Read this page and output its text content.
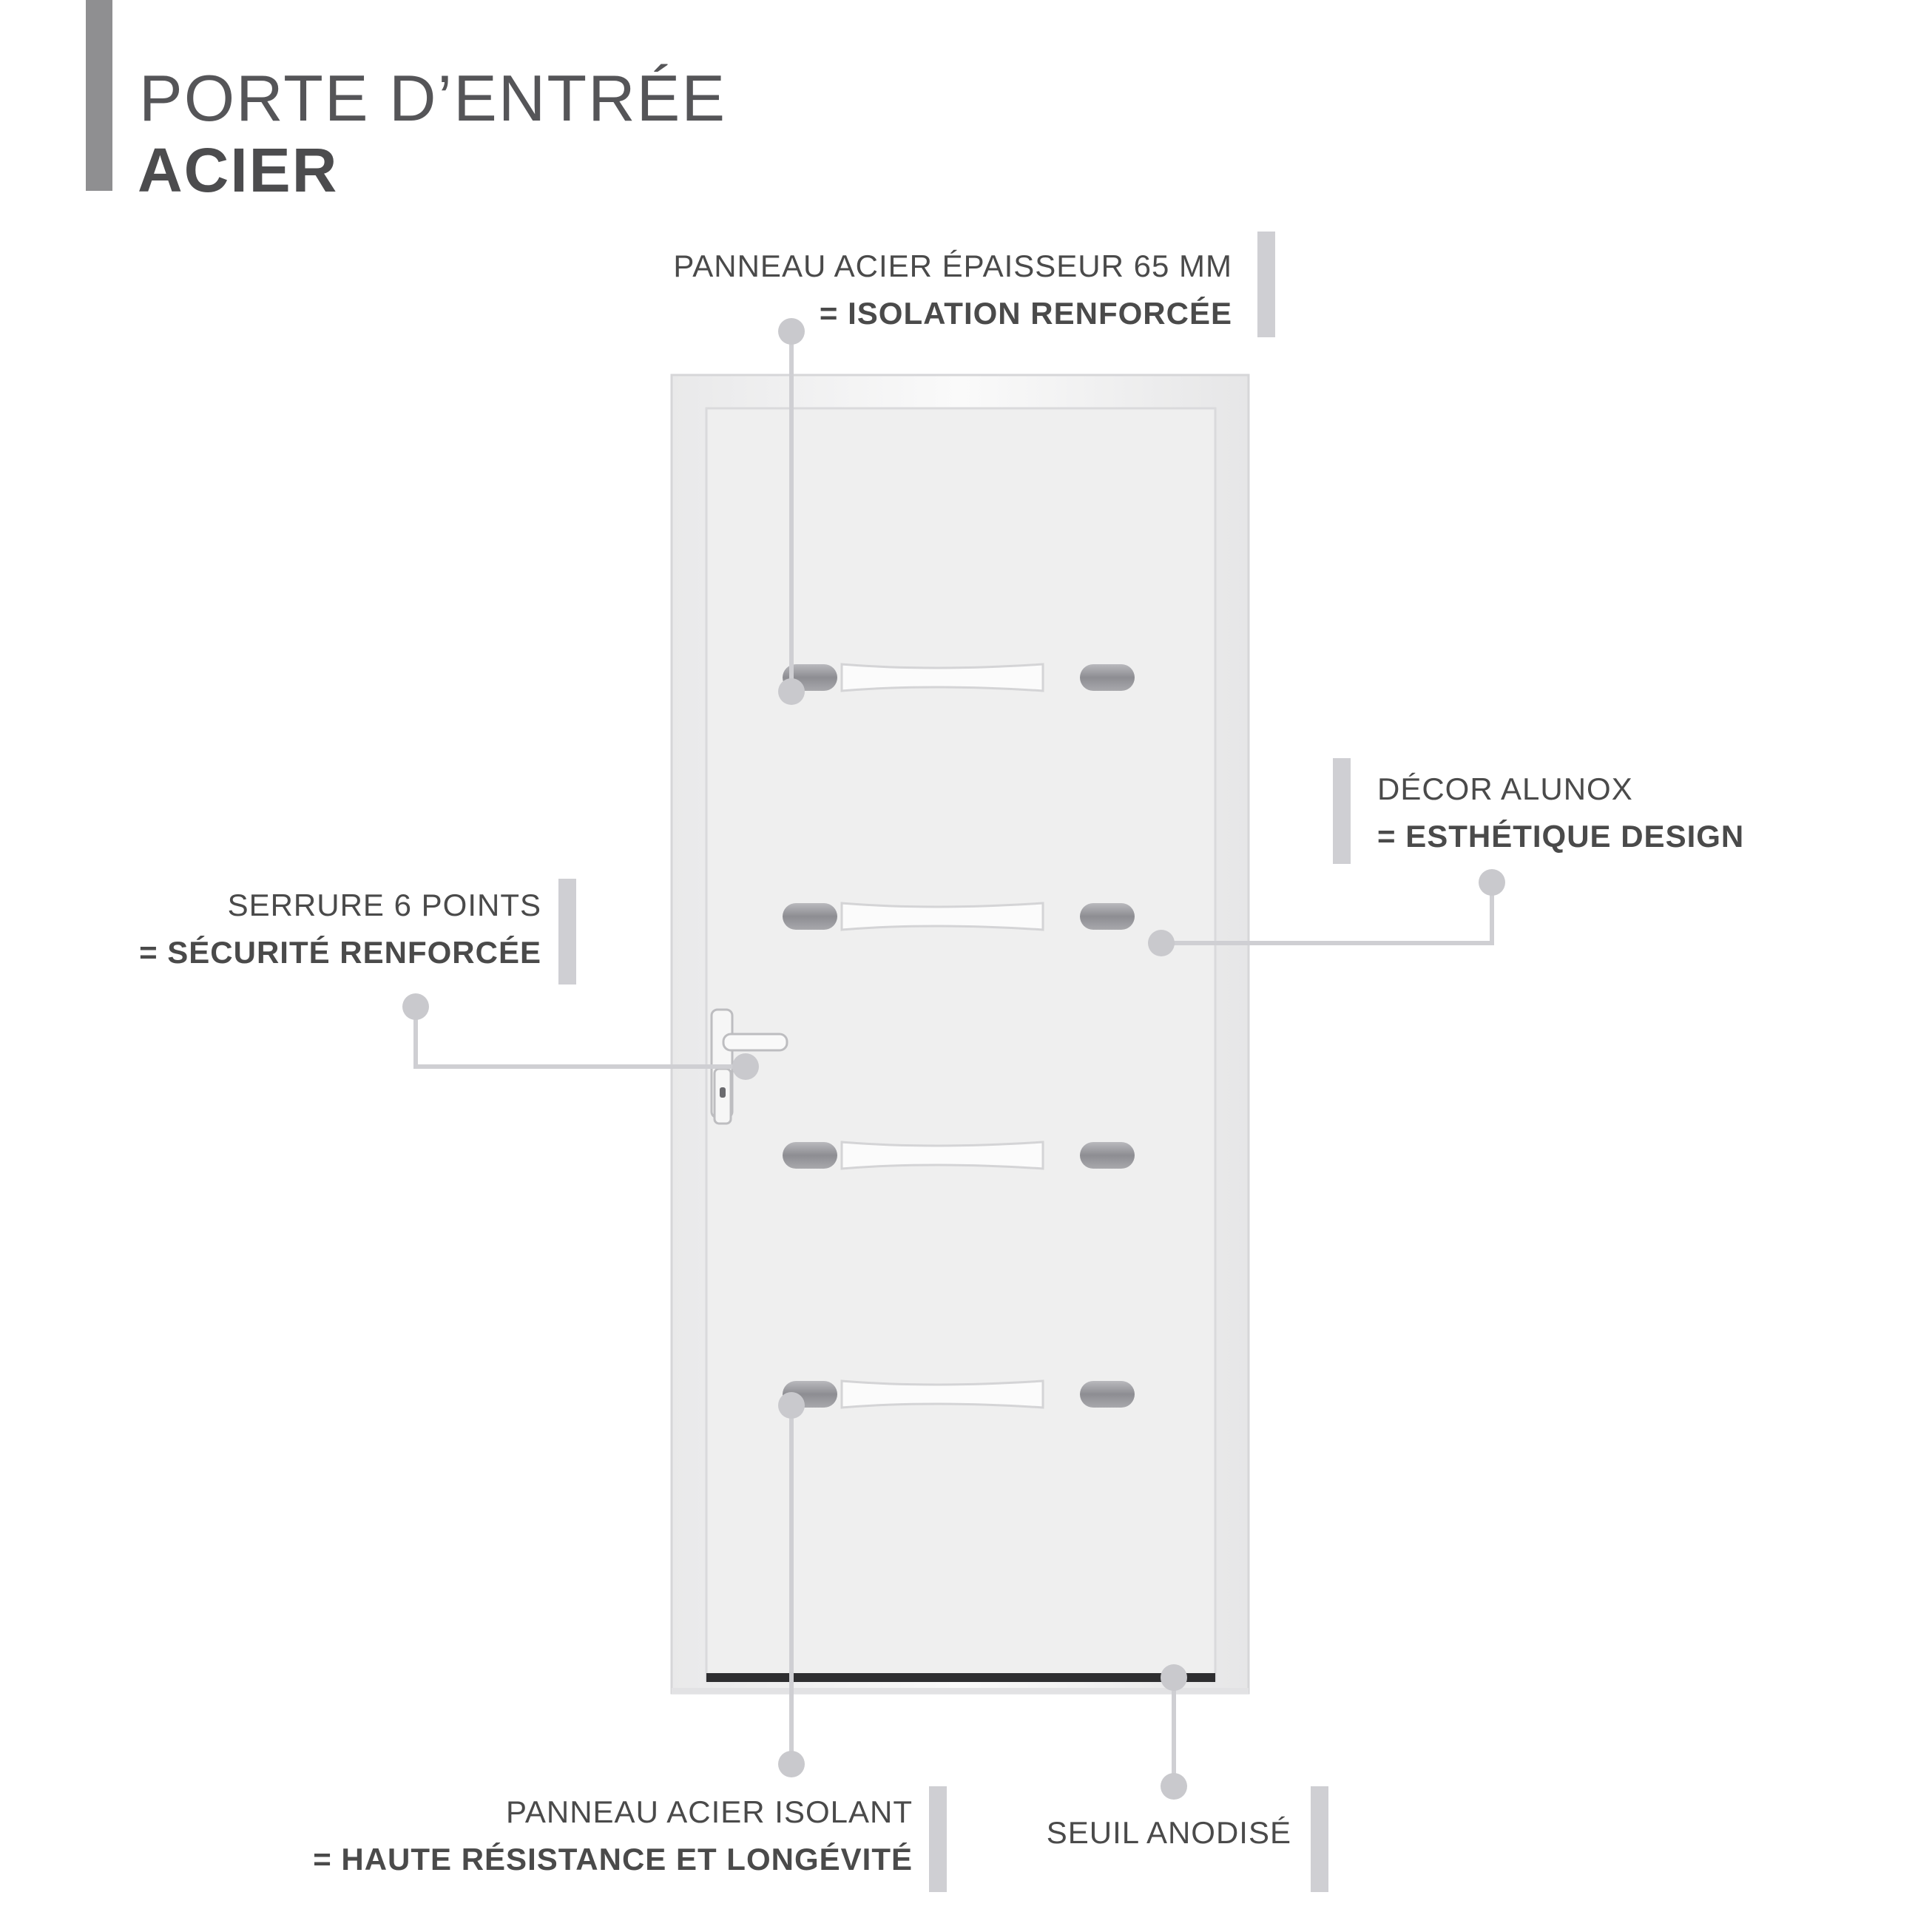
PORTE D’ENTRÉE
ACIER
PANNEAU ACIER ÉPAISSEUR 65 MM
= ISOLATION RENFORCÉE
DÉCOR ALUNOX
= ESTHÉTIQUE DESIGN
SERRURE 6 POINTS
= SÉCURITÉ RENFORCÉE
PANNEAU ACIER ISOLANT
= HAUTE RÉSISTANCE ET LONGÉVITÉ
SEUIL ANODISÉ
